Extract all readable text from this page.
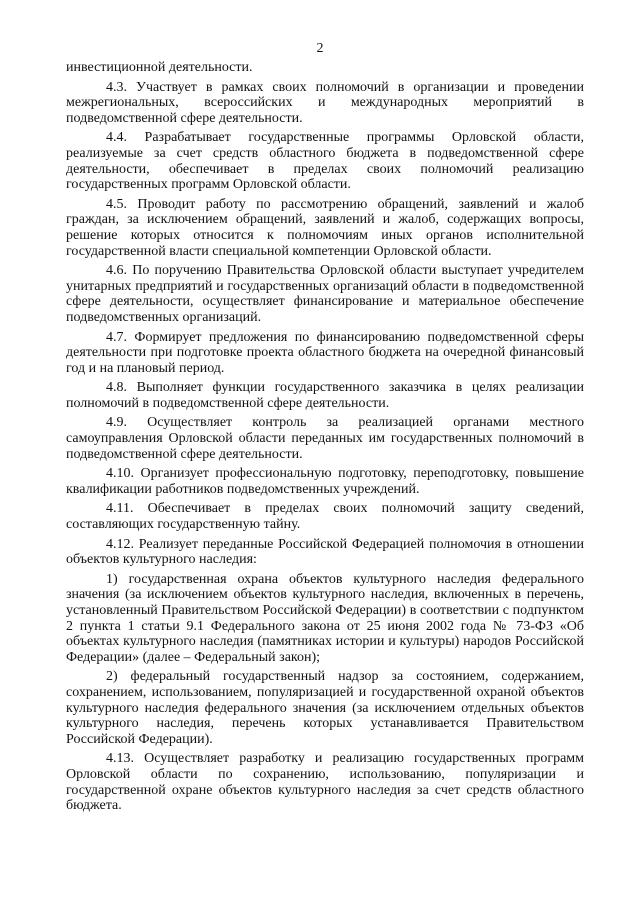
2

инвестиционной деятельности.

4.3. Участвует в рамках своих полномочий в организации и проведении межрегиональных, всероссийских и международных мероприятий в подведомственной сфере деятельности.

4.4. Разрабатывает государственные программы Орловской области, реализуемые за счет средств областного бюджета в подведомственной сфере деятельности, обеспечивает в пределах своих полномочий реализацию государственных программ Орловской области.

4.5. Проводит работу по рассмотрению обращений, заявлений и жалоб граждан, за исключением обращений, заявлений и жалоб, содержащих вопросы, решение которых относится к полномочиям иных органов исполнительной государственной власти специальной компетенции Орловской области.

4.6. По поручению Правительства Орловской области выступает учредителем унитарных предприятий и государственных организаций области в подведомственной сфере деятельности, осуществляет финансирование и материальное обеспечение подведомственных организаций.

4.7. Формирует предложения по финансированию подведомственной сферы деятельности при подготовке проекта областного бюджета на очередной финансовый год и на плановый период.

4.8. Выполняет функции государственного заказчика в целях реализации полномочий в подведомственной сфере деятельности.

4.9. Осуществляет контроль за реализацией органами местного самоуправления Орловской области переданных им государственных полномочий в подведомственной сфере деятельности.

4.10. Организует профессиональную подготовку, переподготовку, повышение квалификации работников подведомственных учреждений.

4.11. Обеспечивает в пределах своих полномочий защиту сведений, составляющих государственную тайну.

4.12. Реализует переданные Российской Федерацией полномочия в отношении объектов культурного наследия:

1) государственная охрана объектов культурного наследия федерального значения (за исключением объектов культурного наследия, включенных в перечень, установленный Правительством Российской Федерации) в соответствии с подпунктом 2 пункта 1 статьи 9.1 Федерального закона от 25 июня 2002 года № 73-ФЗ «Об объектах культурного наследия (памятниках истории и культуры) народов Российской Федерации» (далее – Федеральный закон);

2) федеральный государственный надзор за состоянием, содержанием, сохранением, использованием, популяризацией и государственной охраной объектов культурного наследия федерального значения (за исключением отдельных объектов культурного наследия, перечень которых устанавливается Правительством Российской Федерации).

4.13. Осуществляет разработку и реализацию государственных программ Орловской области по сохранению, использованию, популяризации и государственной охране объектов культурного наследия за счет средств областного бюджета.
